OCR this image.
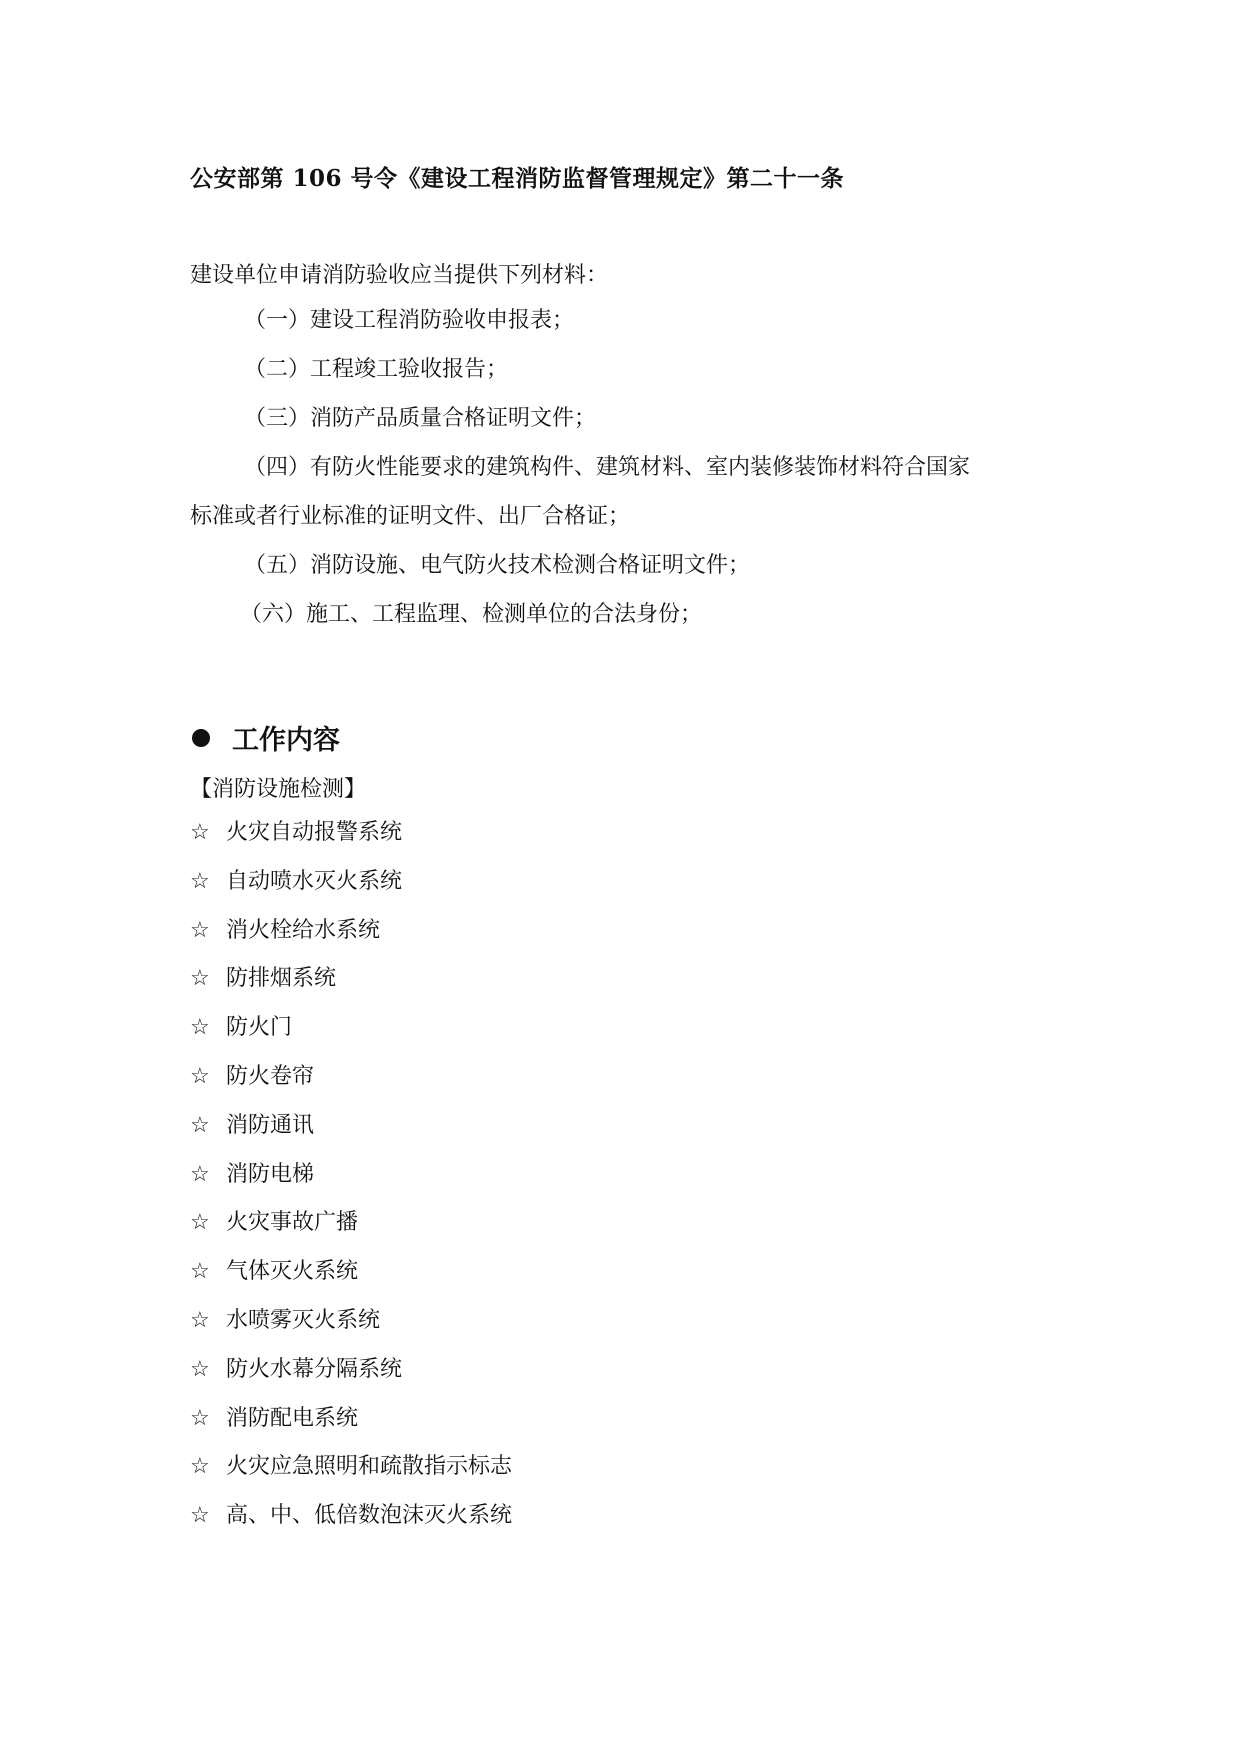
公安部第 106 号令《建设工程消防监督管理规定》第二十一条
建设单位申请消防验收应当提供下列材料：
（一）建设工程消防验收申报表；
（二）工程竣工验收报告；
（三）消防产品质量合格证明文件；
（四）有防火性能要求的建筑构件、建筑材料、室内装修装饰材料符合国家
标准或者行业标准的证明文件、出厂合格证；
（五）消防设施、电气防火技术检测合格证明文件；
（六）施工、工程监理、检测单位的合法身份；
工作内容
【消防设施检测】
☆ 火灾自动报警系统
☆ 自动喷水灭火系统
☆ 消火栓给水系统
☆ 防排烟系统
☆ 防火门
☆ 防火卷帘
☆ 消防通讯
☆ 消防电梯
☆ 火灾事故广播
☆ 气体灭火系统
☆ 水喷雾灭火系统
☆ 防火水幕分隔系统
☆ 消防配电系统
☆ 火灾应急照明和疏散指示标志
☆ 高、中、低倍数泡沫灭火系统
